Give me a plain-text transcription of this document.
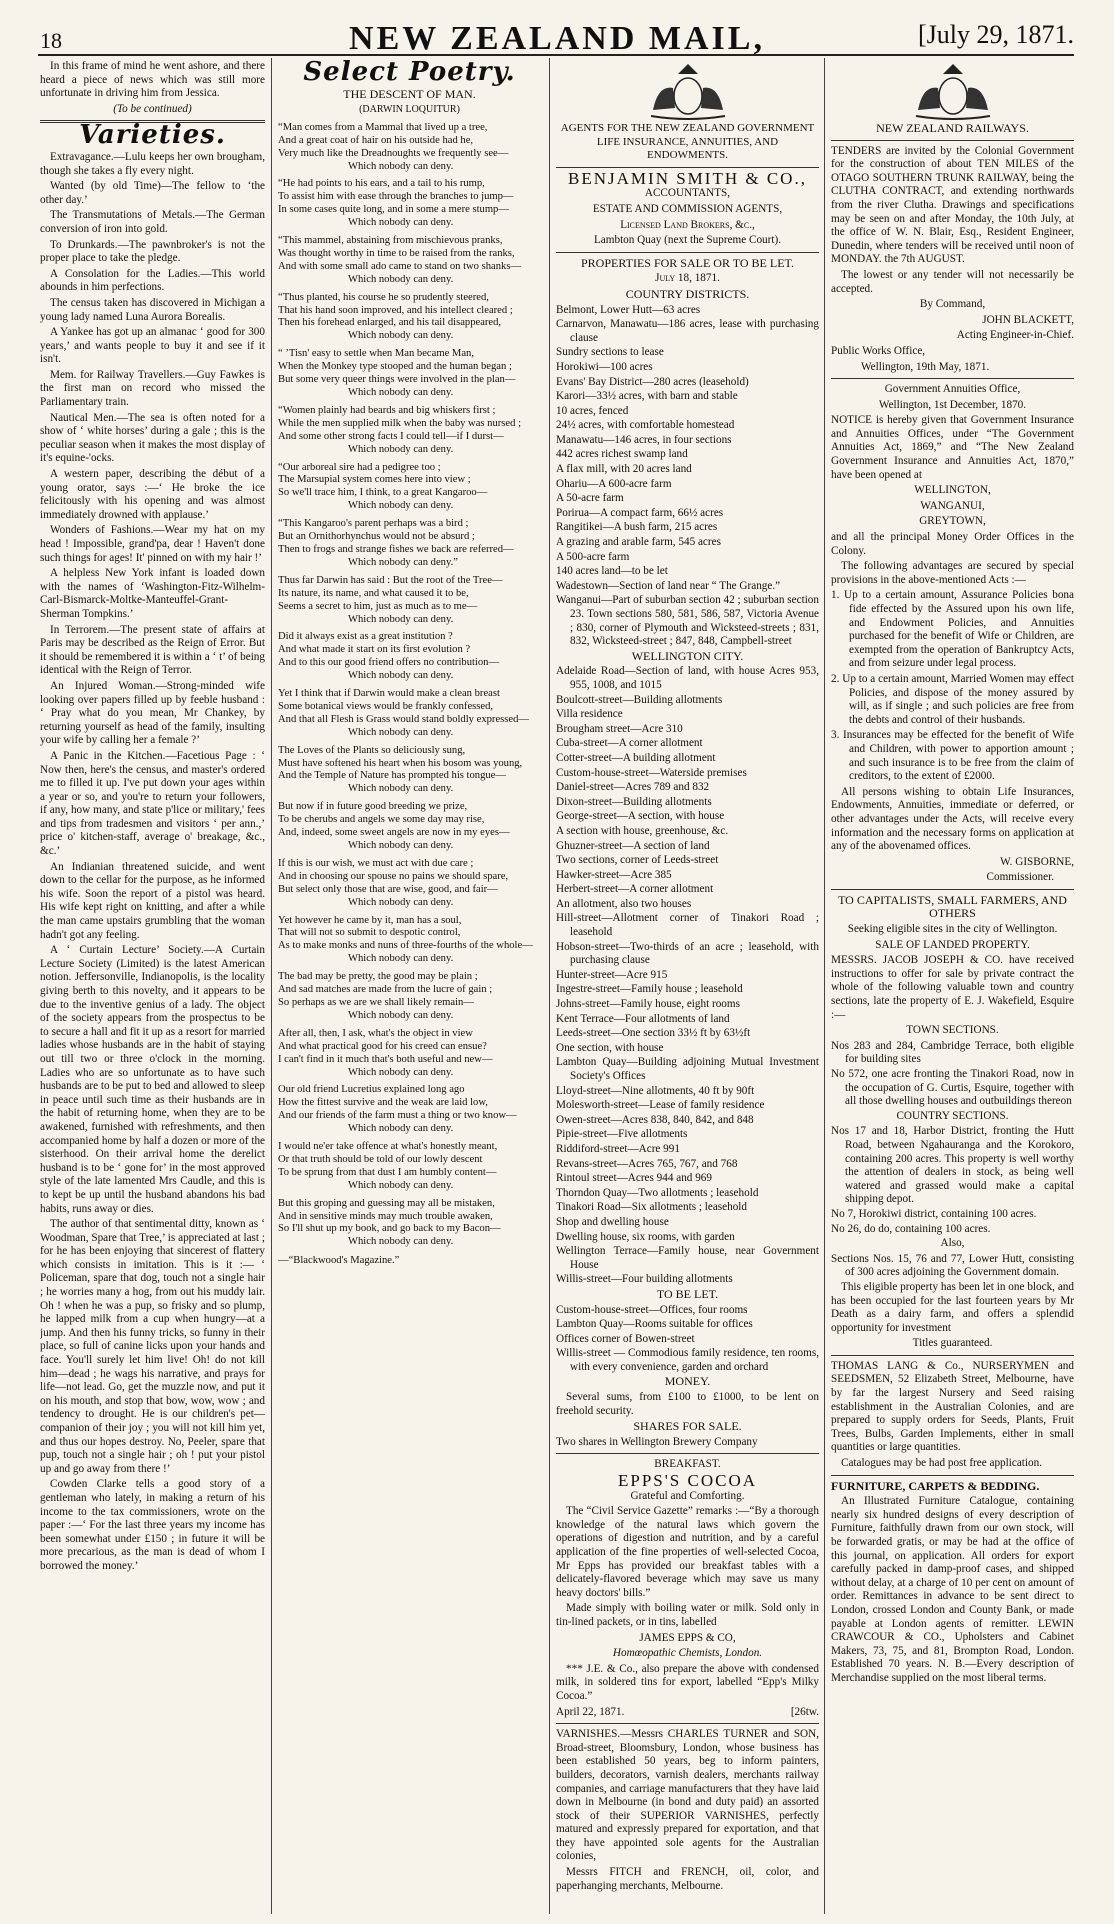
18	NEW ZEALAND MAIL,	[July 29, 1871.

In this frame of mind he went ashore, and there heard a piece of news which was still more unfortunate in driving him from Jessica.

(To be continued)

Varieties.

Extravagance.—Lulu keeps her own brougham, though she takes a fly every night.

Wanted (by old Time)—The fellow to ‘the other day.’

The Transmutations of Metals.—The German conversion of iron into gold.

To Drunkards.—The pawnbroker's is not the proper place to take the pledge.

A Consolation for the Ladies.—This world abounds in him perfections.

The census taken has discovered in Michigan a young lady named Luna Aurora Borealis.

A Yankee has got up an almanac ‘ good for 300 years,’ and wants people to buy it and see if it isn't.

Mem. for Railway Travellers.—Guy Fawkes is the first man on record who missed the Parliamentary train.

Nautical Men.—The sea is often noted for a show of ‘ white horses’ during a gale ; this is the peculiar season when it makes the most display of it's equine-'ocks.

A western paper, describing the début of a young orator, says :—‘ He broke the ice felicitously with his opening and was almost immediately drowned with applause.’

Wonders of Fashions.—Wear my hat on my head ! Impossible, grand'pa, dear ! Haven't done such things for ages! It' pinned on with my hair !’

A helpless New York infant is loaded down with the names of ‘Washington-Fitz-Wilhelm-Carl-Bismarck-Moltke-Manteuffel-Grant-Sherman Tompkins.’

In Terrorem.—The present state of affairs at Paris may be described as the Reign of Error. But it should be remembered it is within a ‘ t’ of being identical with the Reign of Terror.

An Injured Woman.—Strong-minded wife looking over papers filled up by feeble husband : ‘ Pray what do you mean, Mr Chankey, by returning yourself as head of the family, insulting your wife by calling her a female ?’

A Panic in the Kitchen.—Facetious Page : ‘ Now then, here's the census, and master's ordered me to filled it up. I've put down your ages within a year or so, and you're to return your followers, if any, how many, and state p'lice or military,' fees and tips from tradesmen and visitors ‘ per ann.,’ price o' kitchen-staff, average o' breakage, &c., &c.’

An Indianian threatened suicide, and went down to the cellar for the purpose, as he informed his wife. Soon the report of a pistol was heard. His wife kept right on knitting, and after a while the man came upstairs grumbling that the woman hadn't got any feeling.

A ‘ Curtain Lecture’ Society.—A Curtain Lecture Society (Limited) is the latest American notion. Jeffersonville, Indianopolis, is the locality giving berth to this novelty, and it appears to be due to the inventive genius of a lady. The object of the society appears from the prospectus to be to secure a hall and fit it up as a resort for married ladies whose husbands are in the habit of staying out till two or three o'clock in the morning. Ladies who are so unfortunate as to have such husbands are to be put to bed and allowed to sleep in peace until such time as their husbands are in the habit of returning home, when they are to be awakened, furnished with refreshments, and then accompanied home by half a dozen or more of the sisterhood. On their arrival home the derelict husband is to be ‘ gone for’ in the most approved style of the late lamented Mrs Caudle, and this is to kept be up until the husband abandons his bad habits, runs away or dies.

The author of that sentimental ditty, known as ‘ Woodman, Spare that Tree,’ is appreciated at last ; for he has been enjoying that sincerest of flattery which consists in imitation. This is it :— ‘ Policeman, spare that dog, touch not a single hair ; he worries many a hog, from out his muddy lair. Oh ! when he was a pup, so frisky and so plump, he lapped milk from a cup when hungry—at a jump. And then his funny tricks, so funny in their place, so full of canine licks upon your hands and face. You'll surely let him live! Oh! do not kill him—dead ; he wags his narrative, and prays for life—not lead. Go, get the muzzle now, and put it on his mouth, and stop that bow, wow, wow ; and tendency to drought. He is our children's pet—companion of their joy ; you will not kill him yet, and thus our hopes destroy. No, Peeler, spare that pup, touch not a single hair ; oh ! put your pistol up and go away from there !’

Cowden Clarke tells a good story of a gentleman who lately, in making a return of his income to the tax commissioners, wrote on the paper :—‘ For the last three years my income has been somewhat under £150 ; in future it will be more precarious, as the man is dead of whom I borrowed the money.’

Select Poetry.

THE DESCENT OF MAN.

(DARWIN LOQUITUR)

“Man comes from a Mammal that lived up a tree,
And a great coat of hair on his outside had he,
Very much like the Dreadnoughts we frequently see—
Which nobody can deny.
“He had points to his ears, and a tail to his rump,
To assist him with ease through the branches to jump—
In some cases quite long, and in some a mere stump—
Which nobody can deny.
“This mammel, abstaining from mischievous pranks,
Was thought worthy in time to be raised from the ranks,
And with some small ado came to stand on two shanks—
Which nobody can deny.
“Thus planted, his course he so prudently steered,
That his hand soon improved, and his intellect cleared ;
Then his forehead enlarged, and his tail disappeared,
Which nobody can deny.
“ ’Tisn' easy to settle when Man became Man,
When the Monkey type stooped and the human began ;
But some very queer things were involved in the plan—
Which nobody can deny.
“Women plainly had beards and big whiskers first ;
While the men supplied milk when the baby was nursed ;
And some other strong facts I could tell—if I durst—
Which nobody can deny.
“Our arboreal sire had a pedigree too ;
The Marsupial system comes here into view ;
So we'll trace him, I think, to a great Kangaroo—
Which nobody can deny.
“This Kangaroo's parent perhaps was a bird ;
But an Ornithorhynchus would not be absurd ;
Then to frogs and strange fishes we back are referred—
Which nobody can deny.”
Thus far Darwin has said : But the root of the Tree—
Its nature, its name, and what caused it to be,
Seems a secret to him, just as much as to me—
Which nobody can deny.
Did it always exist as a great institution ?
And what made it start on its first evolution ?
And to this our good friend offers no contribution—
Which nobody can deny.
Yet I think that if Darwin would make a clean breast
Some botanical views would be frankly confessed,
And that all Flesh is Grass would stand boldly expressed—
Which nobody can deny.
The Loves of the Plants so deliciously sung,
Must have softened his heart when his bosom was young,
And the Temple of Nature has prompted his tongue—
Which nobody can deny.
But now if in future good breeding we prize,
To be cherubs and angels we some day may rise,
And, indeed, some sweet angels are now in my eyes—
Which nobody can deny.
If this is our wish, we must act with due care ;
And in choosing our spouse no pains we should spare,
But select only those that are wise, good, and fair—
Which nobody can deny.
Yet however he came by it, man has a soul,
That will not so submit to despotic control,
As to make monks and nuns of three-fourths of the whole—
Which nobody can deny.
The bad may be pretty, the good may be plain ;
And sad matches are made from the lucre of gain ;
So perhaps as we are we shall likely remain—
Which nobody can deny.
After all, then, I ask, what's the object in view
And what practical good for his creed can ensue?
I can't find in it much that's both useful and new—
Which nobody can deny.
Our old friend Lucretius explained long ago
How the fittest survive and the weak are laid low,
And our friends of the farm must a thing or two know—
Which nobody can deny.
I would ne'er take offence at what's honestly meant,
Or that truth should be told of our lowly descent
To be sprung from that dust I am humbly content—
Which nobody can deny.
But this groping and guessing may all be mistaken,
And in sensitive minds may much trouble awaken,
So I'll shut up my book, and go back to my Bacon—
Which nobody can deny.

—“Blackwood's Magazine.”

AGENTS FOR THE NEW ZEALAND GOVERNMENT LIFE INSURANCE, ANNUITIES, AND ENDOWMENTS.

BENJAMIN SMITH & CO.,

ACCOUNTANTS,

ESTATE AND COMMISSION AGENTS,

Licensed Land Brokers, &c.,

Lambton Quay (next the Supreme Court).

PROPERTIES FOR SALE OR TO BE LET.

July 18, 1871.

COUNTRY DISTRICTS.

Belmont, Lower Hutt—63 acres

Carnarvon, Manawatu—186 acres, lease with purchasing clause

Sundry sections to lease

Horokiwi—100 acres

Evans' Bay District—280 acres (leasehold)

Karori—33½ acres, with barn and stable

10 acres, fenced

24½ acres, with comfortable homestead

Manawatu—146 acres, in four sections

442 acres richest swamp land

A flax mill, with 20 acres land

Ohariu—A 600-acre farm

A 50-acre farm

Porirua—A compact farm, 66½ acres

Rangitikei—A bush farm, 215 acres

A grazing and arable farm, 545 acres

A 500-acre farm

140 acres land—to be let

Wadestown—Section of land near “ The Grange.”

Wanganui—Part of suburban section 42 ; suburban section 23. Town sections 580, 581, 586, 587, Victoria Avenue ; 830, corner of Plymouth and Wicksteed-streets ; 831, 832, Wicksteed-street ; 847, 848, Campbell-street

WELLINGTON CITY.

Adelaide Road—Section of land, with house Acres 953, 955, 1008, and 1015

Boulcott-street—Building allotments

Villa residence

Brougham street—Acre 310

Cuba-street—A corner allotment

Cotter-street—A building allotment

Custom-house-street—Waterside premises

Daniel-street—Acres 789 and 832

Dixon-street—Building allotments

George-street—A section, with house

A section with house, greenhouse, &c.

Ghuzner-street—A section of land

Two sections, corner of Leeds-street

Hawker-street—Acre 385

Herbert-street—A corner allotment

An allotment, also two houses

Hill-street—Allotment corner of Tinakori Road ; leasehold

Hobson-street—Two-thirds of an acre ; leasehold, with purchasing clause

Hunter-street—Acre 915

Ingestre-street—Family house ; leasehold

Johns-street—Family house, eight rooms

Kent Terrace—Four allotments of land

Leeds-street—One section 33½ ft by 63½ft

One section, with house

Lambton Quay—Building adjoining Mutual Investment Society's Offices

Lloyd-street—Nine allotments, 40 ft by 90ft

Molesworth-street—Lease of family residence

Owen-street—Acres 838, 840, 842, and 848

Pipie-street—Five allotments

Riddiford-street—Acre 991

Revans-street—Acres 765, 767, and 768

Rintoul street—Acres 944 and 969

Thorndon Quay—Two allotments ; leasehold

Tinakori Road—Six allotments ; leasehold

Shop and dwelling house

Dwelling house, six rooms, with garden

Wellington Terrace—Family house, near Government House

Willis-street—Four building allotments

TO BE LET.

Custom-house-street—Offices, four rooms

Lambton Quay—Rooms suitable for offices

Offices corner of Bowen-street

Willis-street — Commodious family residence, ten rooms, with every convenience, garden and orchard

MONEY.

Several sums, from £100 to £1000, to be lent on freehold security.

SHARES FOR SALE.

Two shares in Wellington Brewery Company

BREAKFAST.

EPPS'S COCOA

Grateful and Comforting.

The “Civil Service Gazette” remarks :—“By a thorough knowledge of the natural laws which govern the operations of digestion and nutrition, and by a careful application of the fine properties of well-selected Cocoa, Mr Epps has provided our breakfast tables with a delicately-flavored beverage which may save us many heavy doctors' bills.”

Made simply with boiling water or milk. Sold only in tin-lined packets, or in tins, labelled

JAMES EPPS & CO,

Homœopathic Chemists, London.

*** J.E. & Co., also prepare the above with condensed milk, in soldered tins for export, labelled “Epp's Milky Cocoa.”

April 22, 1871.	[26tw.

VARNISHES.—Messrs CHARLES TURNER and SON, Broad-street, Bloomsbury, London, whose business has been established 50 years, beg to inform painters, builders, decorators, varnish dealers, merchants railway companies, and carriage manufacturers that they have laid down in Melbourne (in bond and duty paid) an assorted stock of their SUPERIOR VARNISHES, perfectly matured and expressly prepared for exportation, and that they have appointed sole agents for the Australian colonies,

Messrs FITCH and FRENCH, oil, color, and paperhanging merchants, Melbourne.

NEW ZEALAND RAILWAYS.

TENDERS are invited by the Colonial Government for the construction of about TEN MILES of the OTAGO SOUTHERN TRUNK RAILWAY, being the CLUTHA CONTRACT, and extending northwards from the river Clutha. Drawings and specifications may be seen on and after Monday, the 10th July, at the office of W. N. Blair, Esq., Resident Engineer, Dunedin, where tenders will be received until noon of MONDAY. the 7th AUGUST.

The lowest or any tender will not necessarily be accepted.

By Command,

JOHN BLACKETT,

Acting Engineer-in-Chief.

Public Works Office,

Wellington, 19th May, 1871.

Government Annuities Office,

Wellington, 1st December, 1870.

NOTICE is hereby given that Government Insurance and Annuities Offices, under “The Government Annuities Act, 1869,” and “The New Zealand Government Insurance and Annuities Act, 1870,” have been opened at

WELLINGTON,

WANGANUI,

GREYTOWN,

and all the principal Money Order Offices in the Colony.

The following advantages are secured by special provisions in the above-mentioned Acts :—

1. Up to a certain amount, Assurance Policies bona fide effected by the Assured upon his own life, and Endowment Policies, and Annuities purchased for the benefit of Wife or Children, are exempted from the operation of Bankruptcy Acts, and from seizure under legal process.
2. Up to a certain amount, Married Women may effect Policies, and dispose of the money assured by will, as if single ; and such policies are free from the debts and control of their husbands.
3. Insurances may be effected for the benefit of Wife and Children, with power to apportion amount ; and such insurance is to be free from the claim of creditors, to the extent of £2000.

All persons wishing to obtain Life Insurances, Endowments, Annuities, immediate or deferred, or other advantages under the Acts, will receive every information and the necessary forms on application at any of the abovenamed offices.

W. GISBORNE,

Commissioner.

TO CAPITALISTS, SMALL FARMERS, AND OTHERS

Seeking eligible sites in the city of Wellington.

SALE OF LANDED PROPERTY.

MESSRS. JACOB JOSEPH & CO. have received instructions to offer for sale by private contract the whole of the following valuable town and country sections, late the property of E. J. Wakefield, Esquire :—

TOWN SECTIONS.

Nos 283 and 284, Cambridge Terrace, both eligible for building sites

No 572, one acre fronting the Tinakori Road, now in the occupation of G. Curtis, Esquire, together with all those dwelling houses and outbuildings thereon

COUNTRY SECTIONS.

Nos 17 and 18, Harbor District, fronting the Hutt Road, between Ngahauranga and the Korokoro, containing 200 acres. This property is well worthy the attention of dealers in stock, as being well watered and grassed would make a capital shipping depot.

No 7, Horokiwi district, containing 100 acres.

No 26, do do, containing 100 acres.

Also,

Sections Nos. 15, 76 and 77, Lower Hutt, consisting of 300 acres adjoining the Government domain.

This eligible property has been let in one block, and has been occupied for the last fourteen years by Mr Death as a dairy farm, and offers a splendid opportunity for investment

Titles guaranteed.

THOMAS LANG & Co., NURSERYMEN and SEEDSMEN, 52 Elizabeth Street, Melbourne, have by far the largest Nursery and Seed raising establishment in the Australian Colonies, and are prepared to supply orders for Seeds, Plants, Fruit Trees, Bulbs, Garden Implements, either in small quantities or large quantities.

Catalogues may be had post free application.

FURNITURE, CARPETS & BEDDING.

An Illustrated Furniture Catalogue, containing nearly six hundred designs of every description of Furniture, faithfully drawn from our own stock, will be forwarded gratis, or may be had at the office of this journal, on application. All orders for export carefully packed in damp-proof cases, and shipped without delay, at a charge of 10 per cent on amount of order. Remittances in advance to be sent direct to London, crossed London and County Bank, or made payable at London agents of remitter. LEWIN CRAWCOUR & CO., Upholsters and Cabinet Makers, 73, 75, and 81, Brompton Road, London. Established 70 years. N. B.—Every description of Merchandise supplied on the most liberal terms.
